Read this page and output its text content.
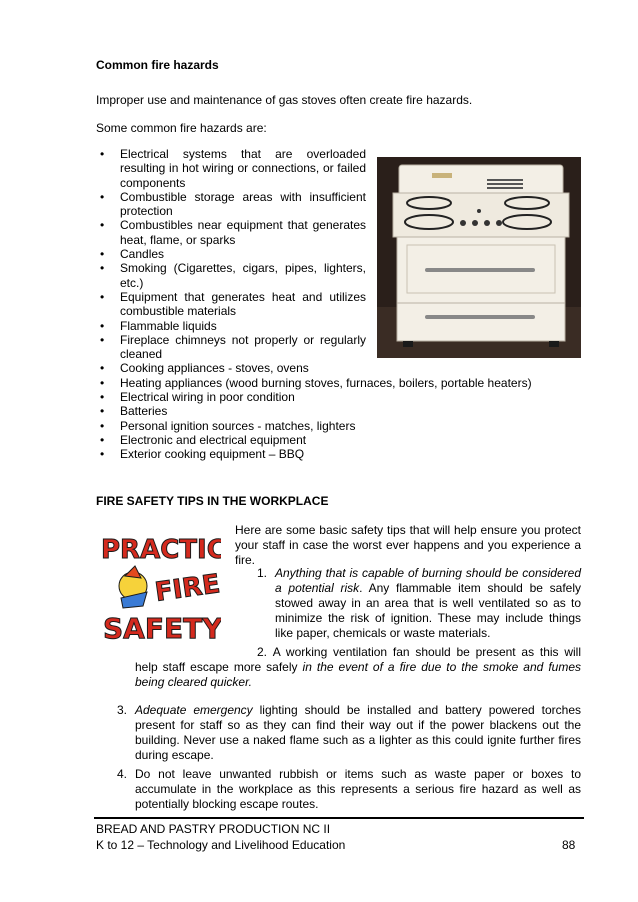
Common fire hazards

Improper use and maintenance of gas stoves often create fire hazards.

Some common fire hazards are:

• Electrical systems that are overloaded resulting in hot wiring or connections, or failed components
• Combustible storage areas with insufficient protection
• Combustibles near equipment that generates heat, flame, or sparks
• Candles
• Smoking (Cigarettes, cigars, pipes, lighters, etc.)
• Equipment that generates heat and utilizes combustible materials
• Flammable liquids
• Fireplace chimneys not properly or regularly cleaned
• Cooking appliances - stoves, ovens
• Heating appliances (wood burning stoves, furnaces, boilers, portable heaters)
• Electrical wiring in poor condition
• Batteries
• Personal ignition sources - matches, lighters
• Electronic and electrical equipment
• Exterior cooking equipment – BBQ
FIRE SAFETY TIPS IN THE WORKPLACE
PRACTIC
FIRE
SAFETY

Here are some basic safety tips that will help ensure you protect your staff in case the worst ever happens and you experience a fire.

1. Anything that is capable of burning should be considered a potential risk. Any flammable item should be safely stowed away in an area that is well ventilated so as to minimize the risk of ignition. These may include things like paper, chemicals or waste materials.

2. A working ventilation fan should be present as this will help staff escape more safely in the event of a fire due to the smoke and fumes being cleared quicker.

3. Adequate emergency lighting should be installed and battery powered torches present for staff so as they can find their way out if the power blackens out the building. Never use a naked flame such as a lighter as this could ignite further fires during escape.

4. Do not leave unwanted rubbish or items such as waste paper or boxes to accumulate in the workplace as this represents a serious fire hazard as well as potentially blocking escape routes.

BREAD AND PASTRY PRODUCTION NC II
K to 12 – Technology and Livelihood Education	88
